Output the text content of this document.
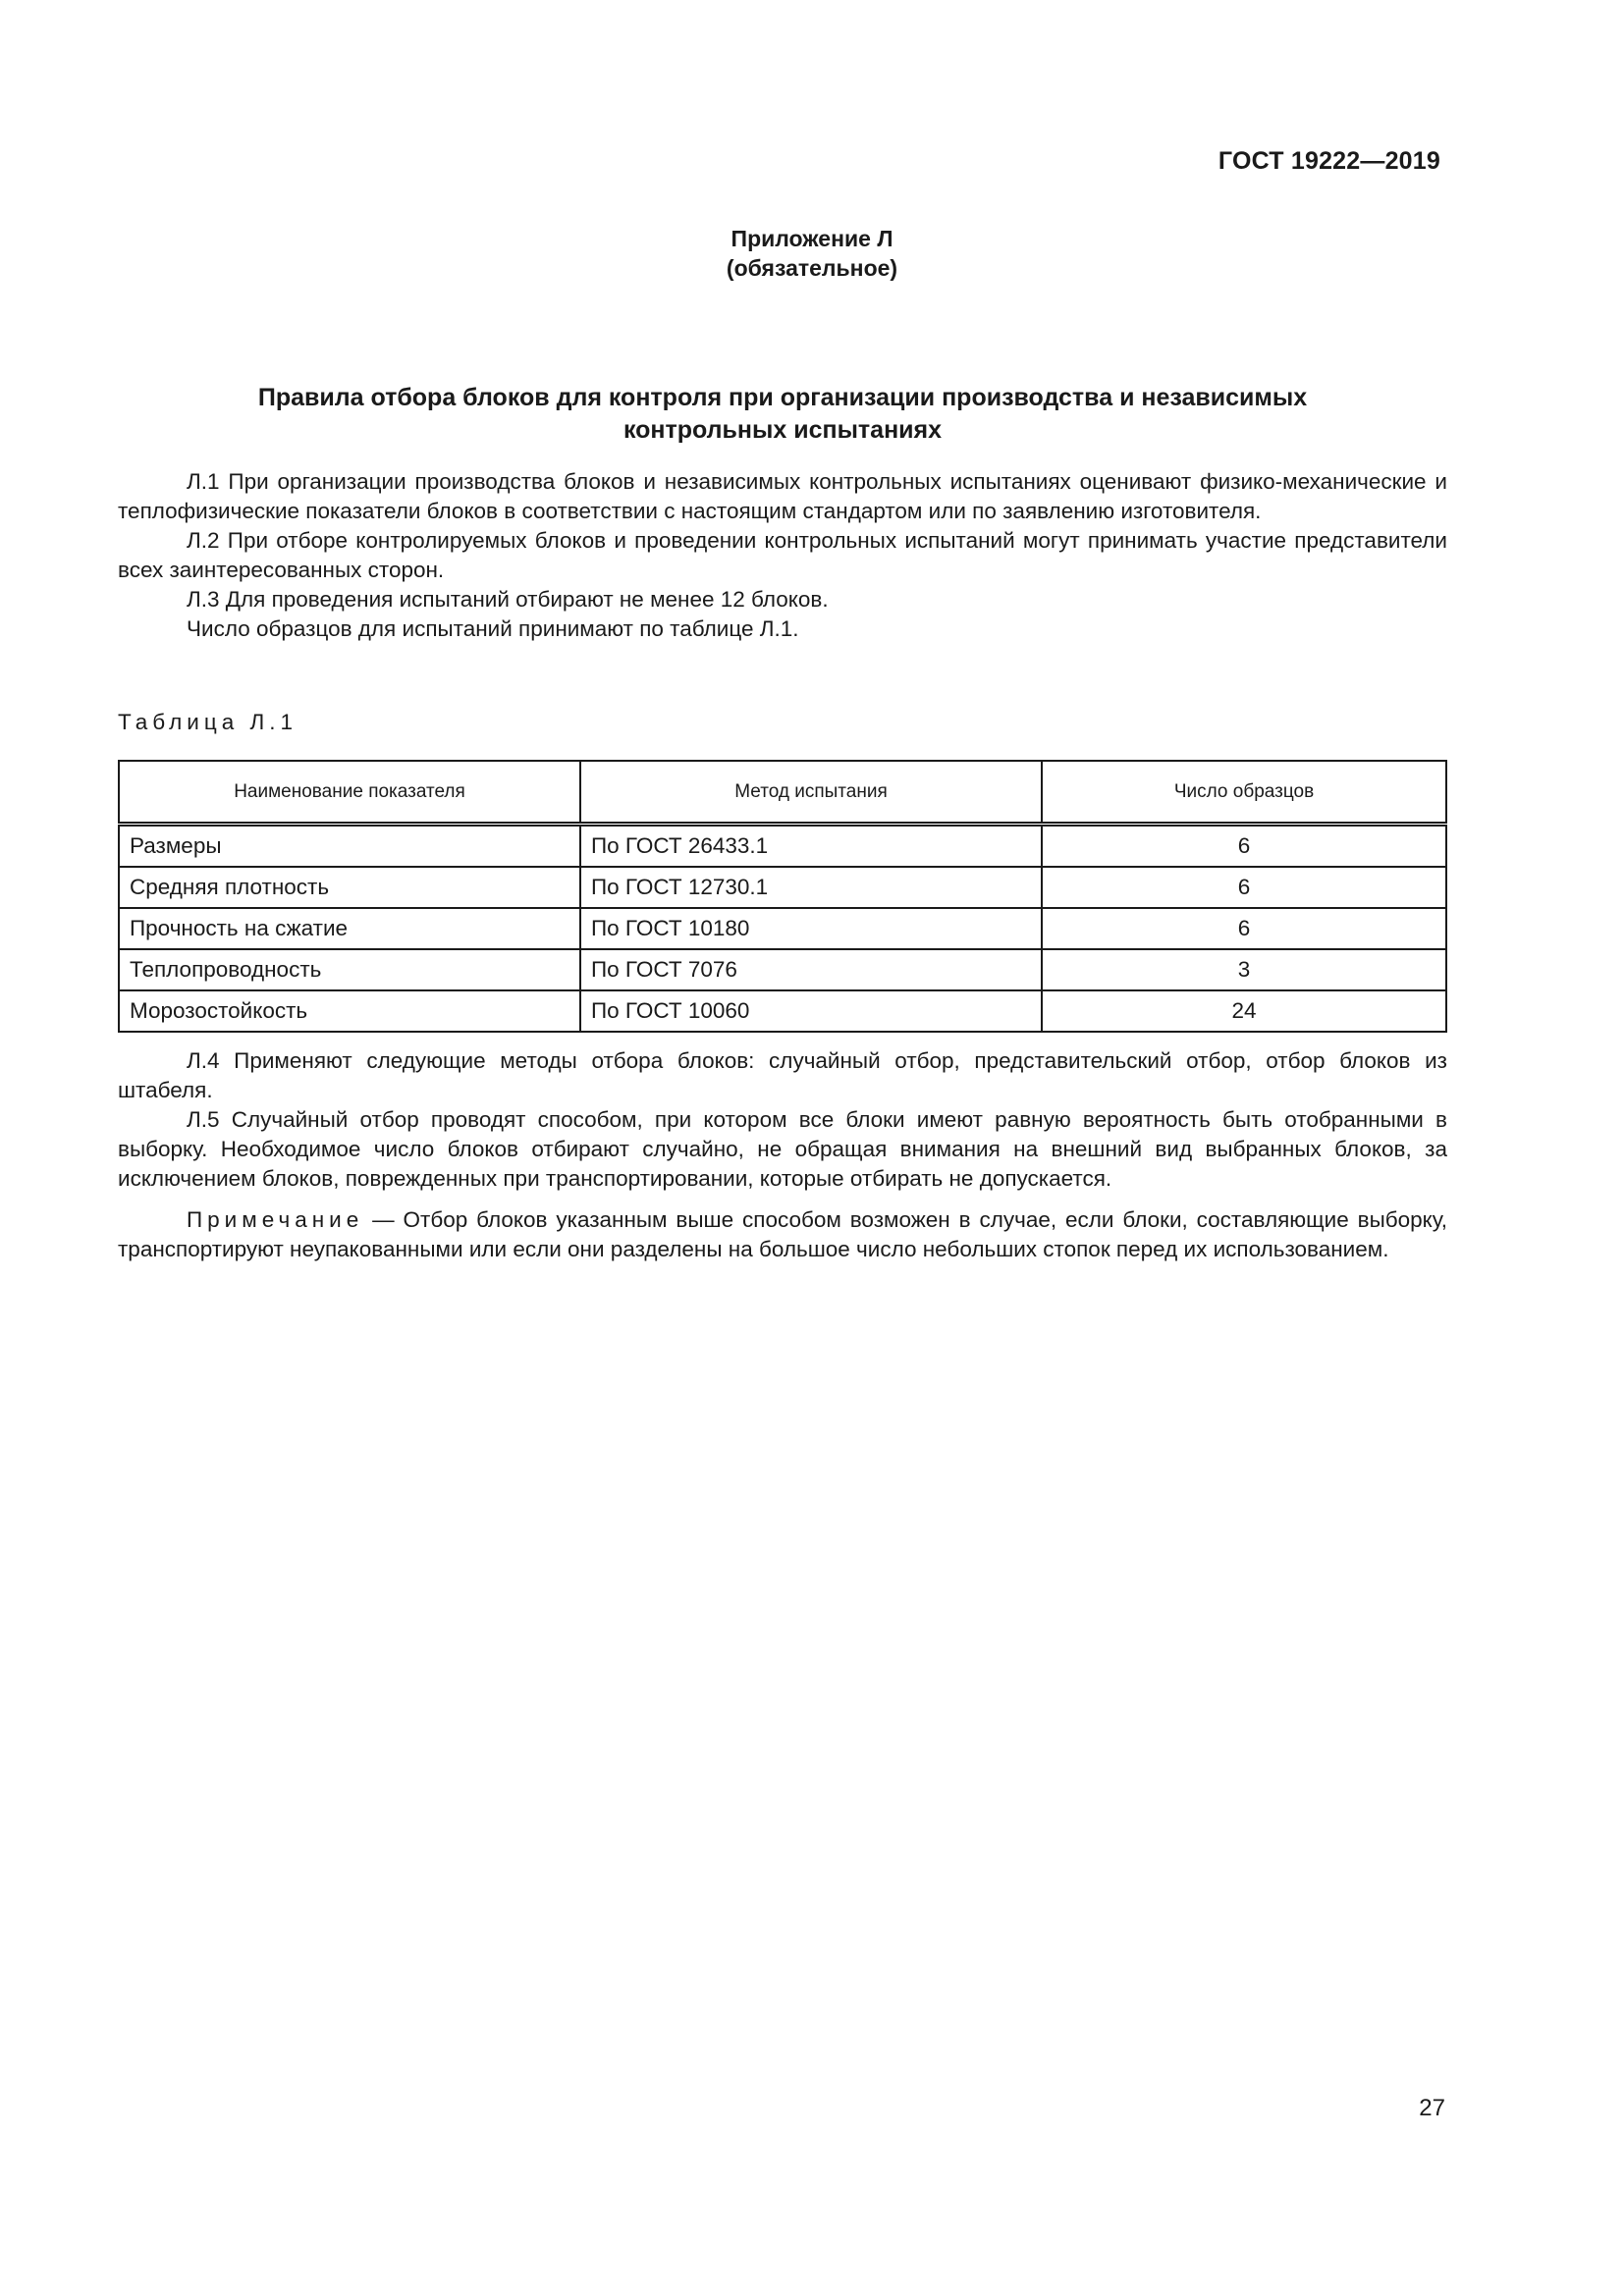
ГОСТ 19222—2019
Приложение Л
(обязательное)
Правила отбора блоков для контроля при организации производства и независимых
контрольных испытаниях

Л.1 При организации производства блоков и независимых контрольных испытаниях оценивают физико-механические и теплофизические показатели блоков в соответствии с настоящим стандартом или по заявлению изготовителя.

Л.2 При отборе контролируемых блоков и проведении контрольных испытаний могут принимать участие представители всех заинтересованных сторон.

Л.3 Для проведения испытаний отбирают не менее 12 блоков.

Число образцов для испытаний принимают по таблице Л.1.

Таблица Л.1
Наименование показателя	Метод испытания	Число образцов
Размеры	По ГОСТ 26433.1	6
Средняя плотность	По ГОСТ 12730.1	6
Прочность на сжатие	По ГОСТ 10180	6
Теплопроводность	По ГОСТ 7076	3
Морозостойкость	По ГОСТ 10060	24

Л.4 Применяют следующие методы отбора блоков: случайный отбор, представительский отбор, отбор блоков из штабеля.

Л.5 Случайный отбор проводят способом, при котором все блоки имеют равную вероятность быть отобранными в выборку. Необходимое число блоков отбирают случайно, не обращая внимания на внешний вид выбранных блоков, за исключением блоков, поврежденных при транспортировании, которые отбирать не допускается.

Примечание — Отбор блоков указанным выше способом возможен в случае, если блоки, составляющие выборку, транспортируют неупакованными или если они разделены на большое число небольших стопок перед их использованием.

27
